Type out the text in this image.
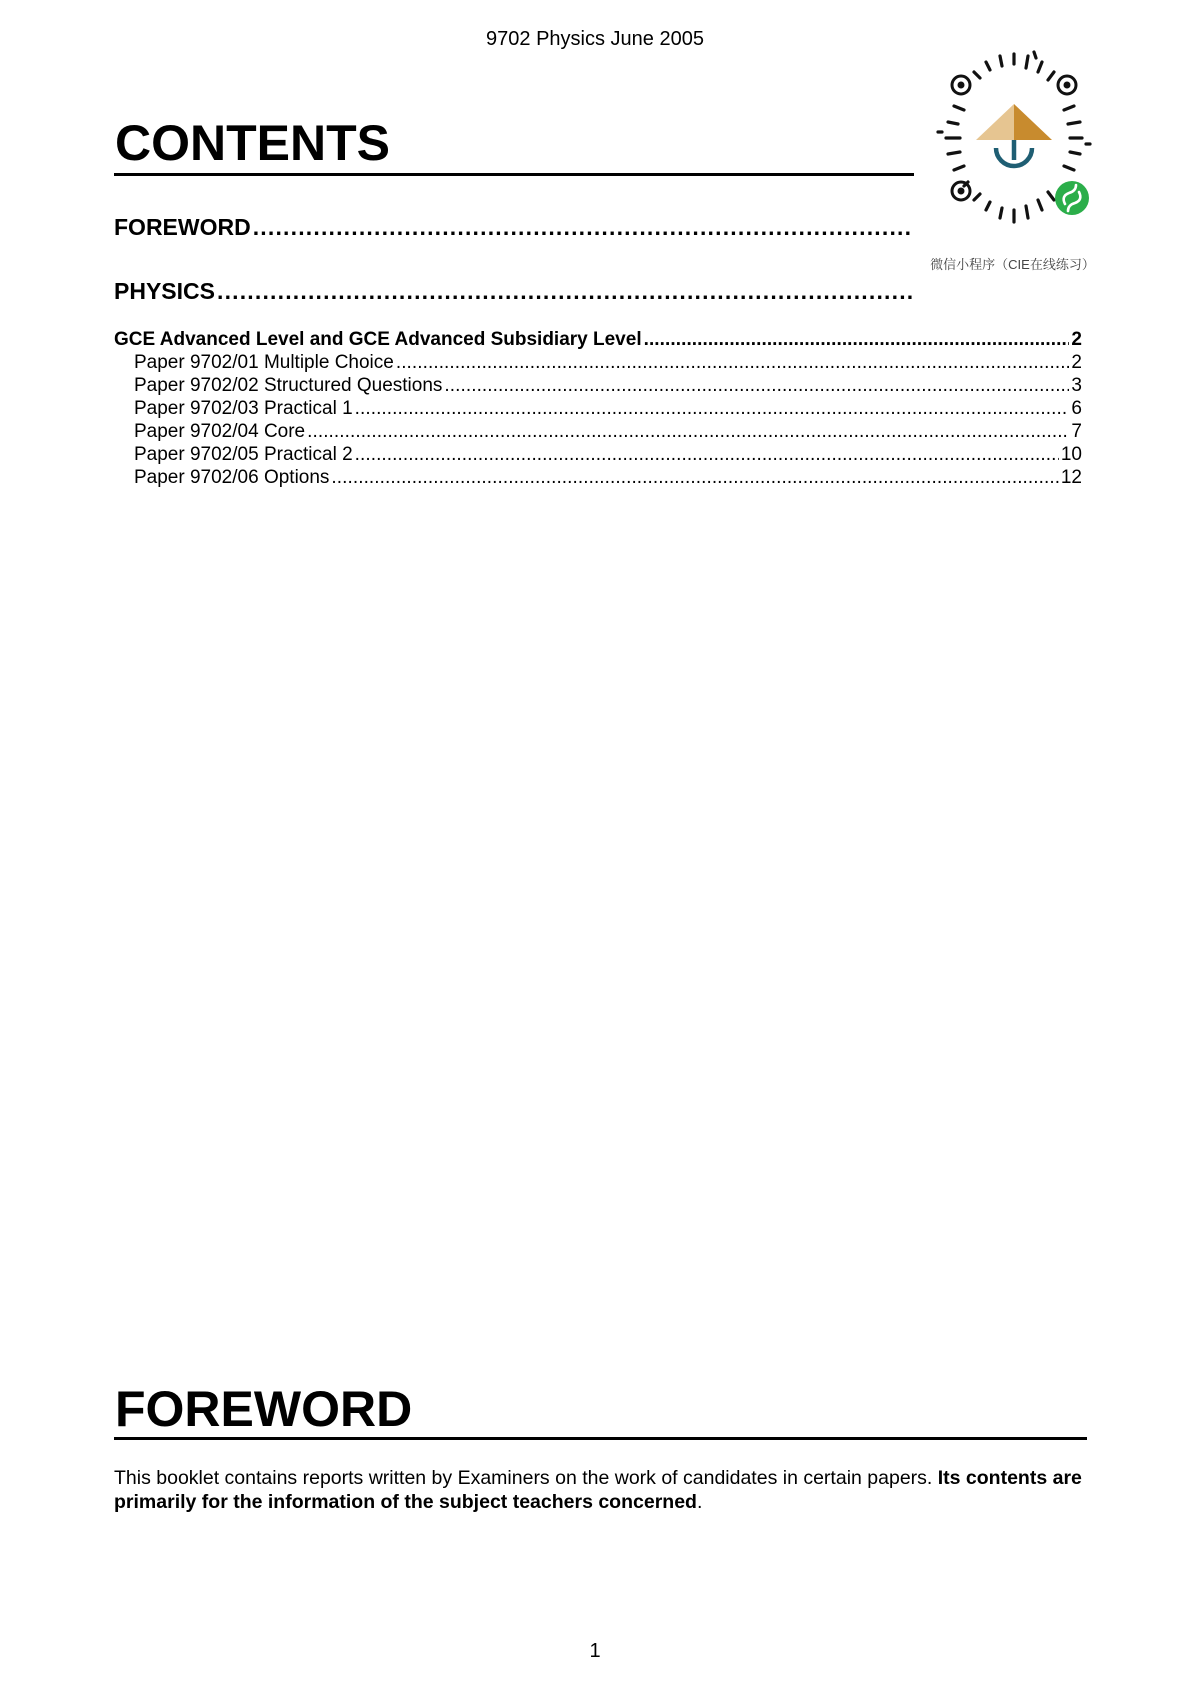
9702 Physics June 2005
CONTENTS
FOREWORD
. . .
PHYSICS
. . .
GCE Advanced Level and GCE Advanced Subsidiary Level . . .	2
Paper 9702/01 Multiple Choice . . .	2
Paper 9702/02 Structured Questions . . .	3
Paper 9702/03 Practical 1 . . .	6
Paper 9702/04 Core . . .	7
Paper 9702/05 Practical 2 . . .	10
Paper 9702/06 Options . . .	12
微信小程序（CIE在线练习）
FOREWORD

This booklet contains reports written by Examiners on the work of candidates in certain papers. Its contents are primarily for the information of the subject teachers concerned.

1
